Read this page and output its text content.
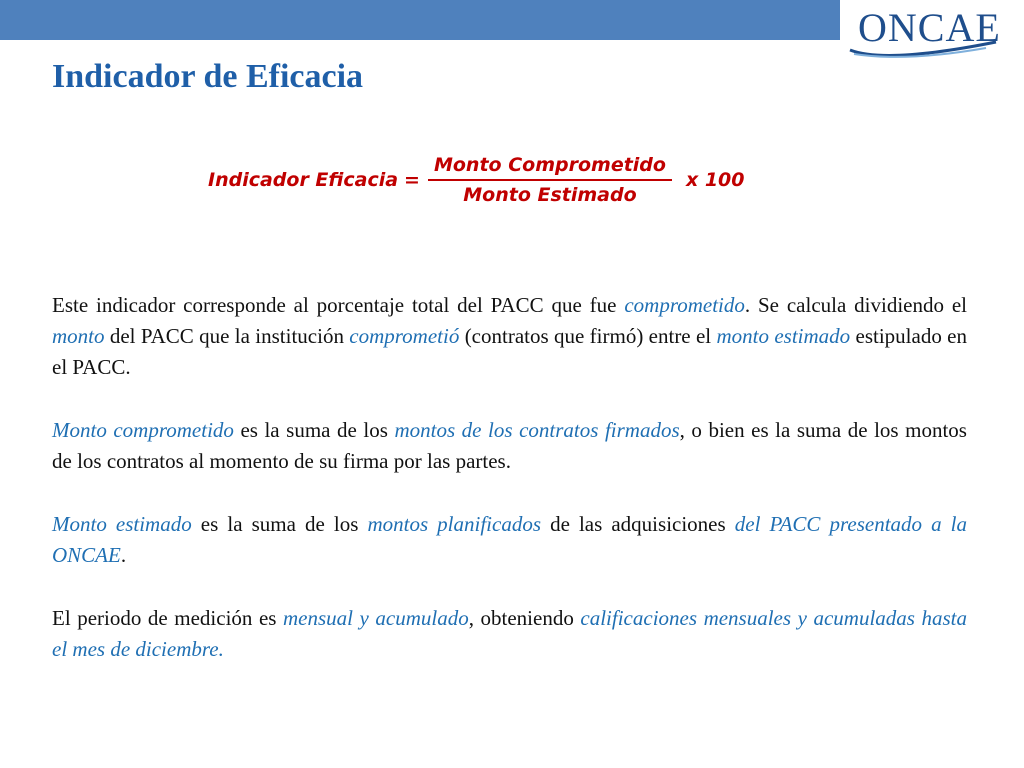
ONCAE
Indicador de Eficacia
Indicador Eficacia = $\frac{\text{Monto Comprometido}}{\text{Monto Estimado}}$ x 100

Este indicador corresponde al porcentaje total del PACC que fue comprometido. Se calcula dividiendo el monto del PACC que la institución comprometió (contratos que firmó) entre el monto estimado estipulado en el PACC.

Monto comprometido es la suma de los montos de los contratos firmados, o bien es la suma de los montos de los contratos al momento de su firma por las partes.

Monto estimado es la suma de los montos planificados de las adquisiciones del PACC presentado a la ONCAE.

El periodo de medición es mensual y acumulado, obteniendo calificaciones mensuales y acumuladas hasta el mes de diciembre.
